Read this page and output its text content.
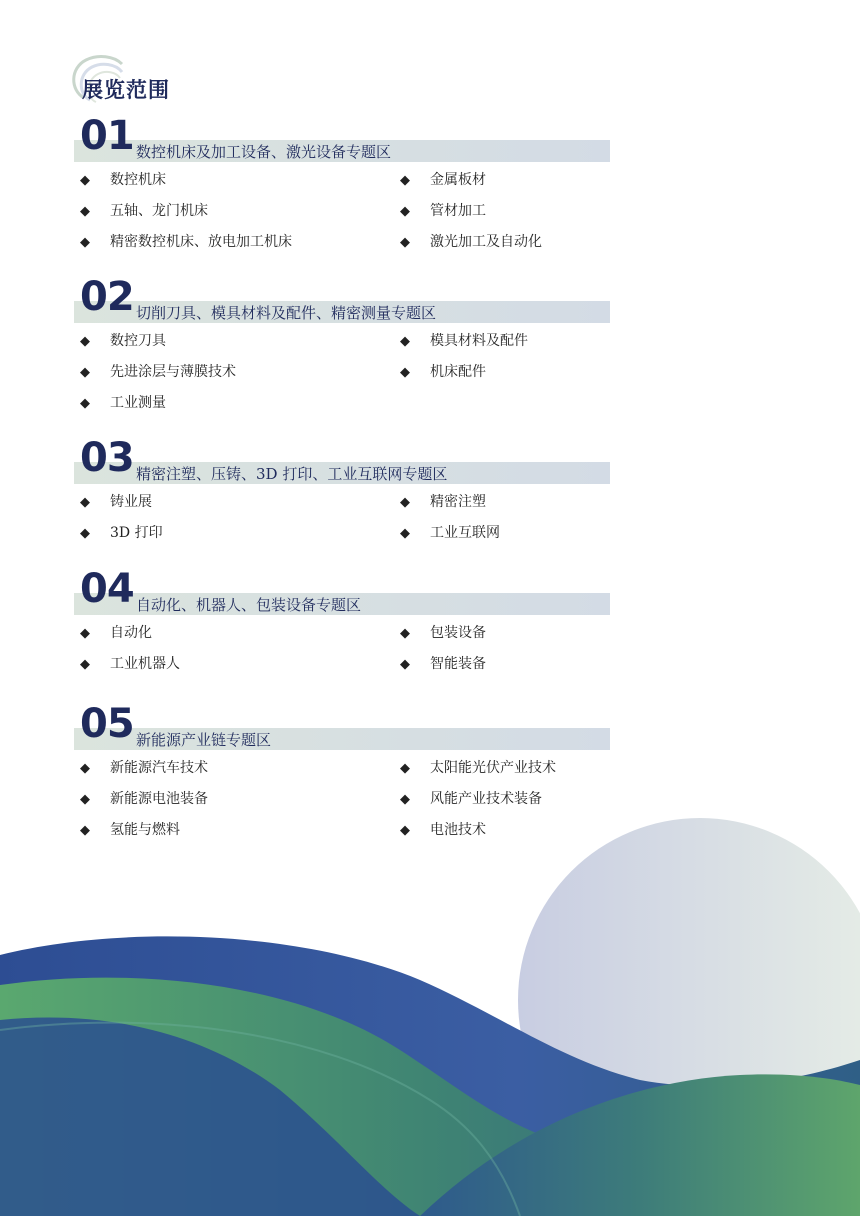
展览范围
01 数控机床及加工设备、激光设备专题区
◆ 数控机床	◆ 金属板材
◆ 五轴、龙门机床	◆ 管材加工
◆ 精密数控机床、放电加工机床	◆ 激光加工及自动化
02 切削刀具、模具材料及配件、精密测量专题区
◆ 数控刀具	◆ 模具材料及配件
◆ 先进涂层与薄膜技术	◆ 机床配件
◆ 工业测量
03 精密注塑、压铸、3D 打印、工业互联网专题区
◆ 铸业展	◆ 精密注塑
◆ 3D 打印	◆ 工业互联网
04 自动化、机器人、包装设备专题区
◆ 自动化	◆ 包装设备
◆ 工业机器人	◆ 智能装备
05 新能源产业链专题区
◆ 新能源汽车技术	◆ 太阳能光伏产业技术
◆ 新能源电池装备	◆ 风能产业技术装备
◆ 氢能与燃料	◆ 电池技术
